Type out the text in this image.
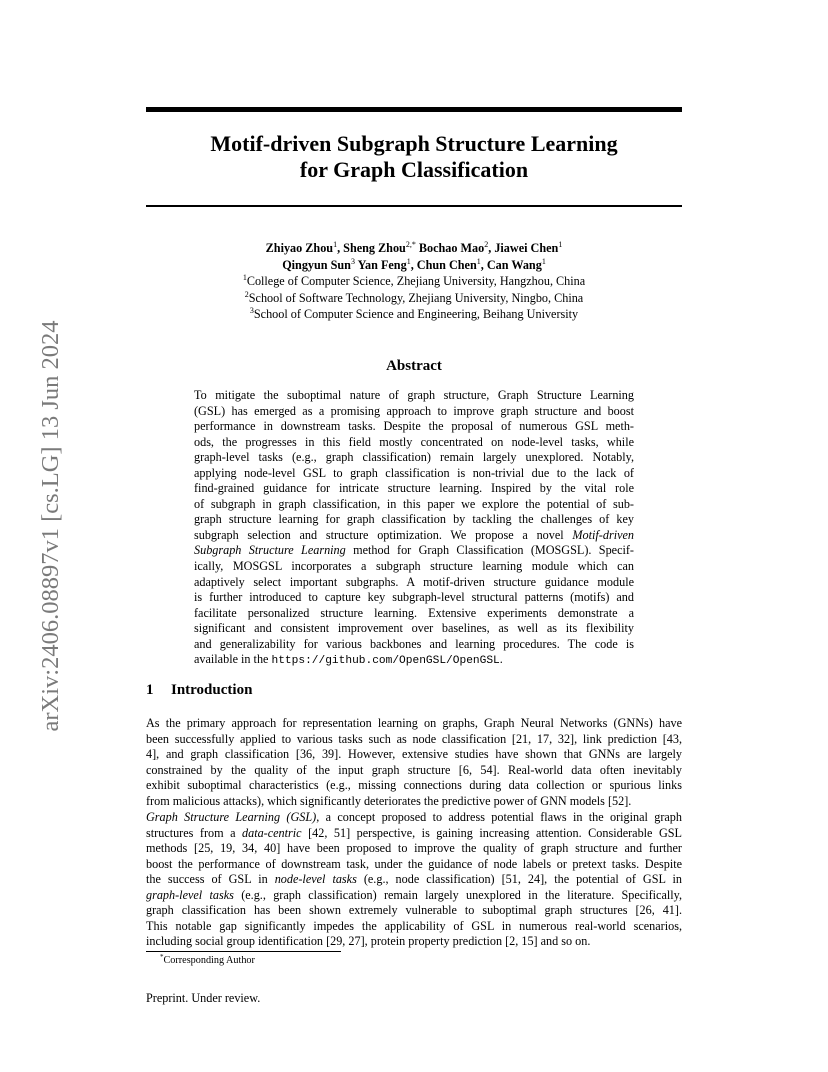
arXiv:2406.08897v1 [cs.LG] 13 Jun 2024
Motif-driven Subgraph Structure Learning
for Graph Classification
Zhiyao Zhou$^1$, Sheng Zhou$^{2,*}$ Bochao Mao$^2$, Jiawei Chen$^1$
Qingyun Sun$^3$ Yan Feng$^1$, Chun Chen$^1$, Can Wang$^1$
$^1$College of Computer Science, Zhejiang University, Hangzhou, China
$^2$School of Software Technology, Zhejiang University, Ningbo, China
$^3$School of Computer Science and Engineering, Beihang University
Abstract
To mitigate the suboptimal nature of graph structure, Graph Structure Learning
(GSL) has emerged as a promising approach to improve graph structure and boost
performance in downstream tasks. Despite the proposal of numerous GSL meth-
ods, the progresses in this field mostly concentrated on node-level tasks, while
graph-level tasks (e.g., graph classification) remain largely unexplored. Notably,
applying node-level GSL to graph classification is non-trivial due to the lack of
find-grained guidance for intricate structure learning. Inspired by the vital role
of subgraph in graph classification, in this paper we explore the potential of sub-
graph structure learning for graph classification by tackling the challenges of key
subgraph selection and structure optimization. We propose a novel Motif-driven
Subgraph Structure Learning method for Graph Classification (MOSGSL). Specif-
ically, MOSGSL incorporates a subgraph structure learning module which can
adaptively select important subgraphs. A motif-driven structure guidance module
is further introduced to capture key subgraph-level structural patterns (motifs) and
facilitate personalized structure learning. Extensive experiments demonstrate a
significant and consistent improvement over baselines, as well as its flexibility
and generalizability for various backbones and learning procedures. The code is
available in the https://github.com/OpenGSL/OpenGSL.
1 Introduction
As the primary approach for representation learning on graphs, Graph Neural Networks (GNNs) have
been successfully applied to various tasks such as node classification [21, 17, 32], link prediction [43,
4], and graph classification [36, 39]. However, extensive studies have shown that GNNs are largely
constrained by the quality of the input graph structure [6, 54]. Real-world data often inevitably
exhibit suboptimal characteristics (e.g., missing connections during data collection or spurious links
from malicious attacks), which significantly deteriorates the predictive power of GNN models [52].
Graph Structure Learning (GSL), a concept proposed to address potential flaws in the original graph
structures from a data-centric [42, 51] perspective, is gaining increasing attention. Considerable GSL
methods [25, 19, 34, 40] have been proposed to improve the quality of graph structure and further
boost the performance of downstream task, under the guidance of node labels or pretext tasks. Despite
the success of GSL in node-level tasks (e.g., node classification) [51, 24], the potential of GSL in
graph-level tasks (e.g., graph classification) remain largely unexplored in the literature. Specifically,
graph classification has been shown extremely vulnerable to suboptimal graph structures [26, 41].
This notable gap significantly impedes the applicability of GSL in numerous real-world scenarios,
including social group identification [29, 27], protein property prediction [2, 15] and so on.
*Corresponding Author
Preprint. Under review.
